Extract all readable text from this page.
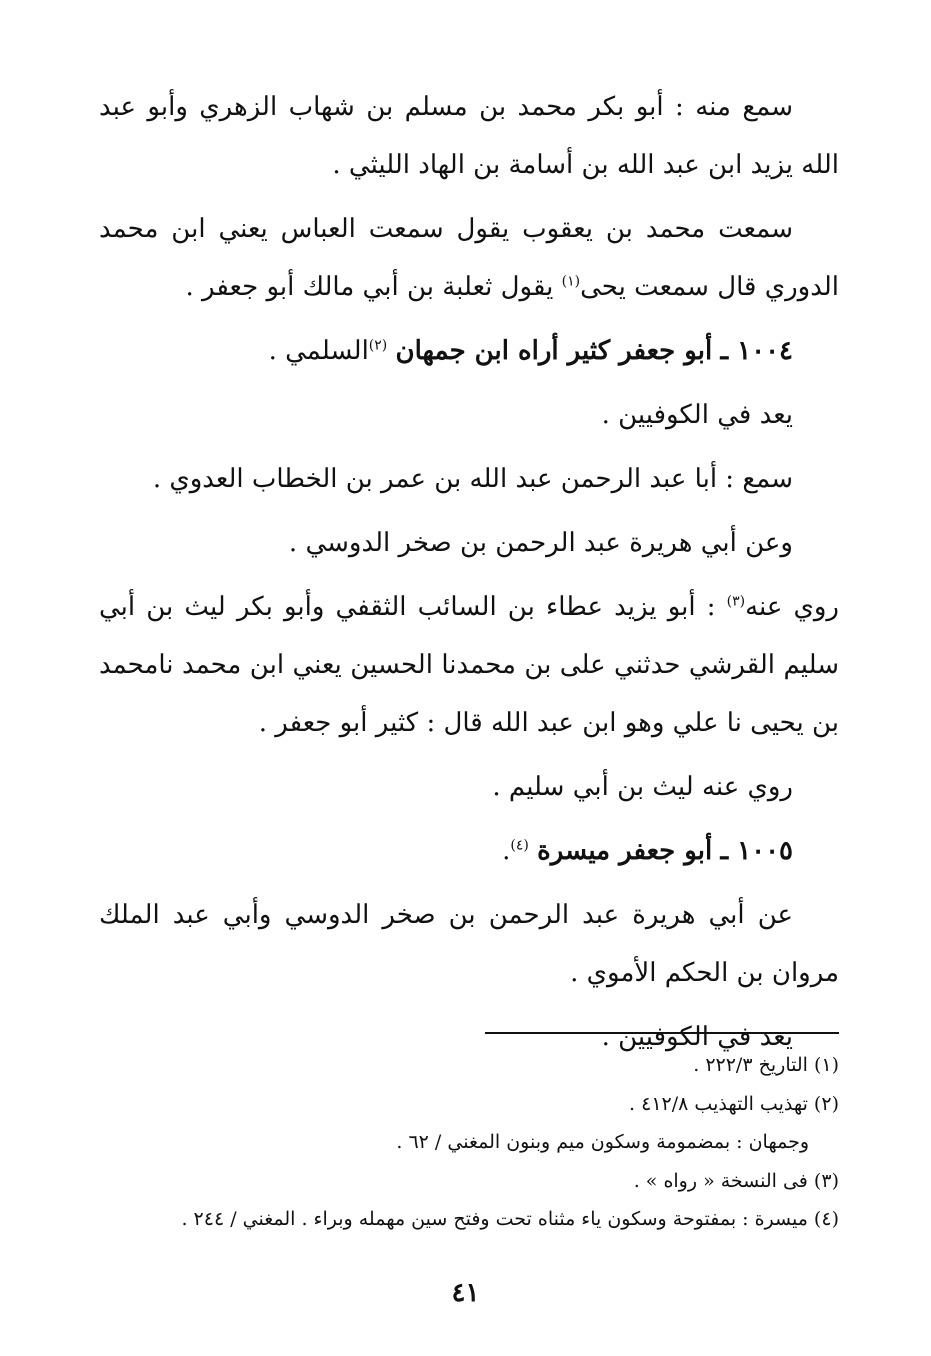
سمع منه : أبو بكر محمد بن مسلم بن شهاب الزهري وأبو عبد الله يزيد ابن عبد الله بن أسامة بن الهاد الليثي .

سمعت محمد بن يعقوب يقول سمعت العباس يعني ابن محمد الدوري قال سمعت يحى$^{(١)}$ يقول ثعلبة بن أبي مالك أبو جعفر .

١٠٠٤ ـ أبو جعفر كثير أراه ابن جمهان $^{(٢)}$السلمي .

يعد في الكوفيين .

سمع : أبا عبد الرحمن عبد الله بن عمر بن الخطاب العدوي .

وعن أبي هريرة عبد الرحمن بن صخر الدوسي .

روي عنه$^{(٣)}$ : أبو يزيد عطاء بن السائب الثقفي وأبو بكر ليث بن أبي سليم القرشي حدثني على بن محمدنا الحسين يعني ابن محمد نامحمد بن يحيى نا علي وهو ابن عبد الله قال : كثير أبو جعفر .

روي عنه ليث بن أبي سليم .

١٠٠٥ ـ أبو جعفر ميسرة $^{(٤)}$.

عن أبي هريرة عبد الرحمن بن صخر الدوسي وأبي عبد الملك مروان بن الحكم الأموي .

يعد في الكوفيين .

(١) التاريخ ٢٢٢/٣ .

(٢) تهذيب التهذيب ٤١٢/٨ .

وجمهان : بمضمومة وسكون ميم وبنون المغني / ٦٢ .

(٣) فى النسخة « رواه » .

(٤) ميسرة : بمفتوحة وسكون ياء مثناه تحت وفتح سين مهمله وبراء . المغني / ٢٤٤ .

٤١
